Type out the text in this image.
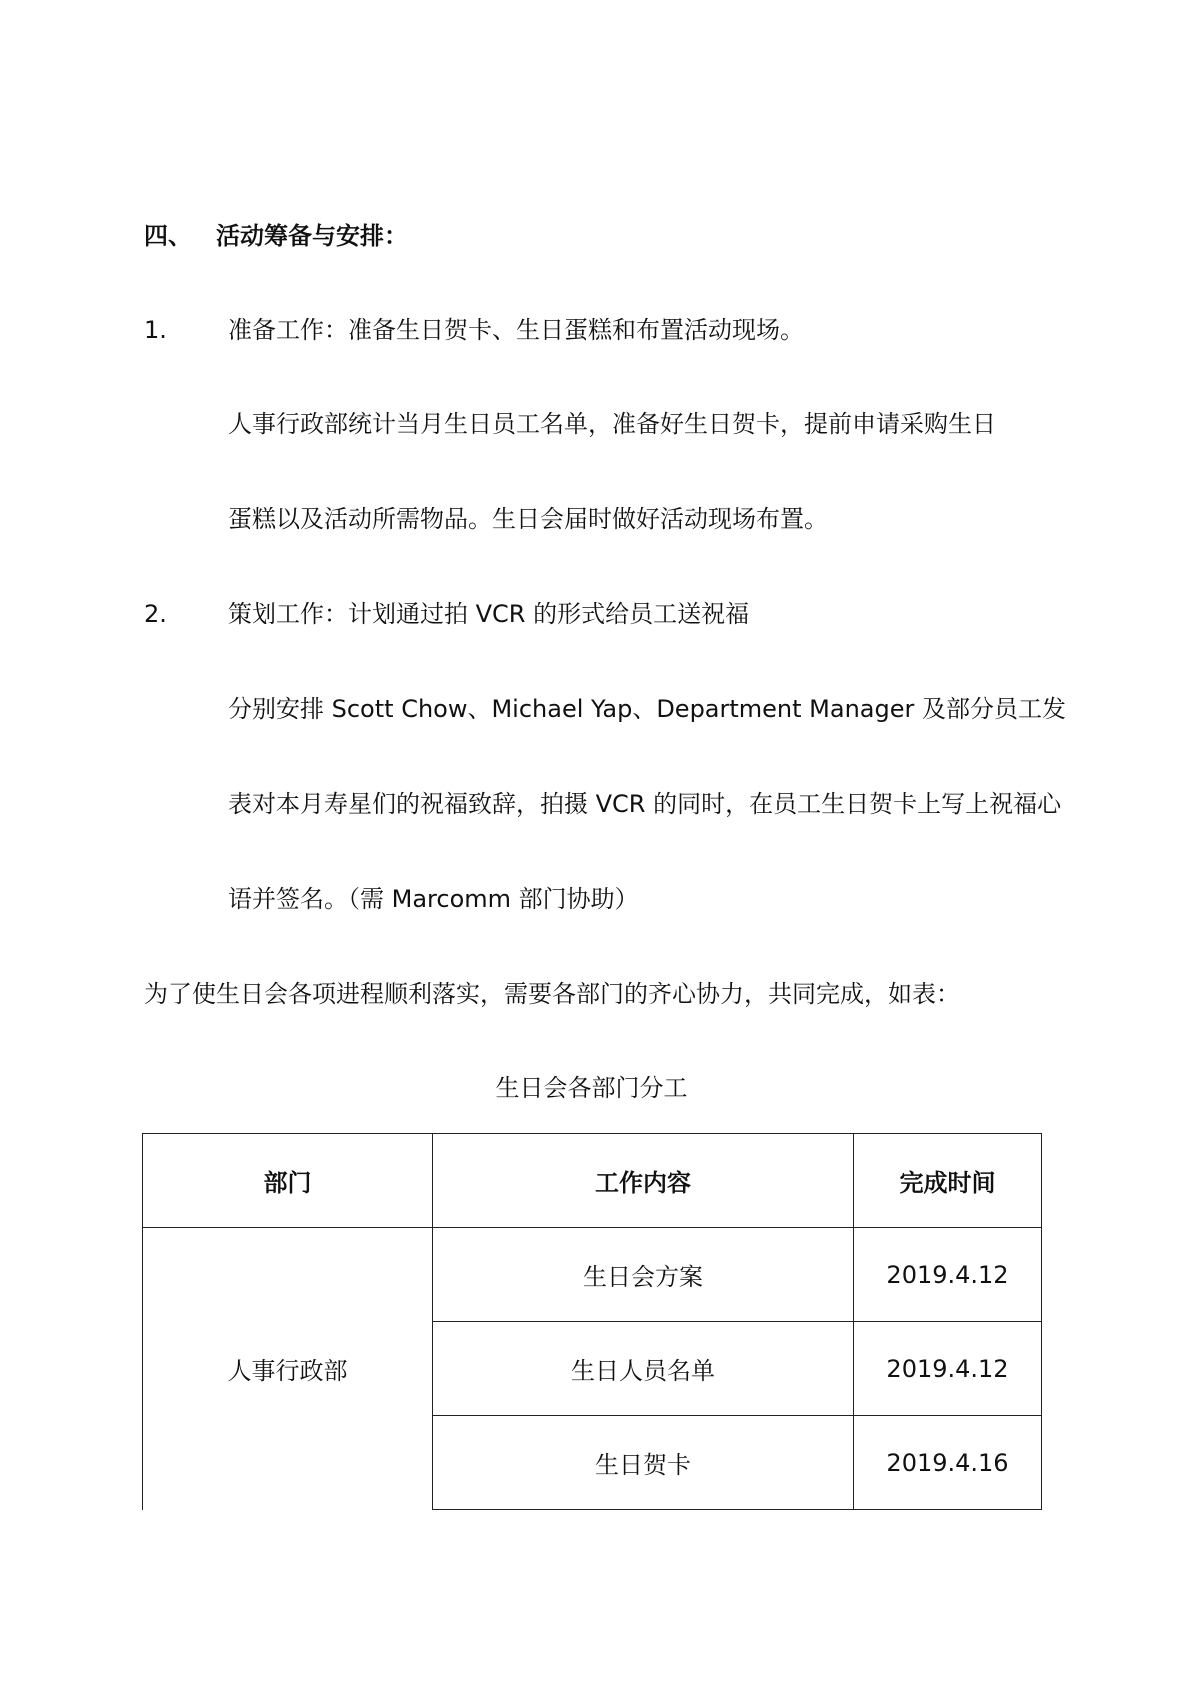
四、 活动筹备与安排：
1.	准备工作：准备生日贺卡、生日蛋糕和布置活动现场。
人事行政部统计当月生日员工名单，准备好生日贺卡，提前申请采购生日
蛋糕以及活动所需物品。生日会届时做好活动现场布置。
2.	策划工作：计划通过拍 VCR 的形式给员工送祝福
分别安排 Scott Chow、Michael Yap、Department Manager 及部分员工发
表对本月寿星们的祝福致辞，拍摄 VCR 的同时，在员工生日贺卡上写上祝福心
语并签名。（需 Marcomm 部门协助）
为了使生日会各项进程顺利落实，需要各部门的齐心协力，共同完成，如表：
生日会各部门分工
部门	工作内容	完成时间
人事行政部	生日会方案	2019.4.12
	生日人员名单	2019.4.12
	生日贺卡	2019.4.16
